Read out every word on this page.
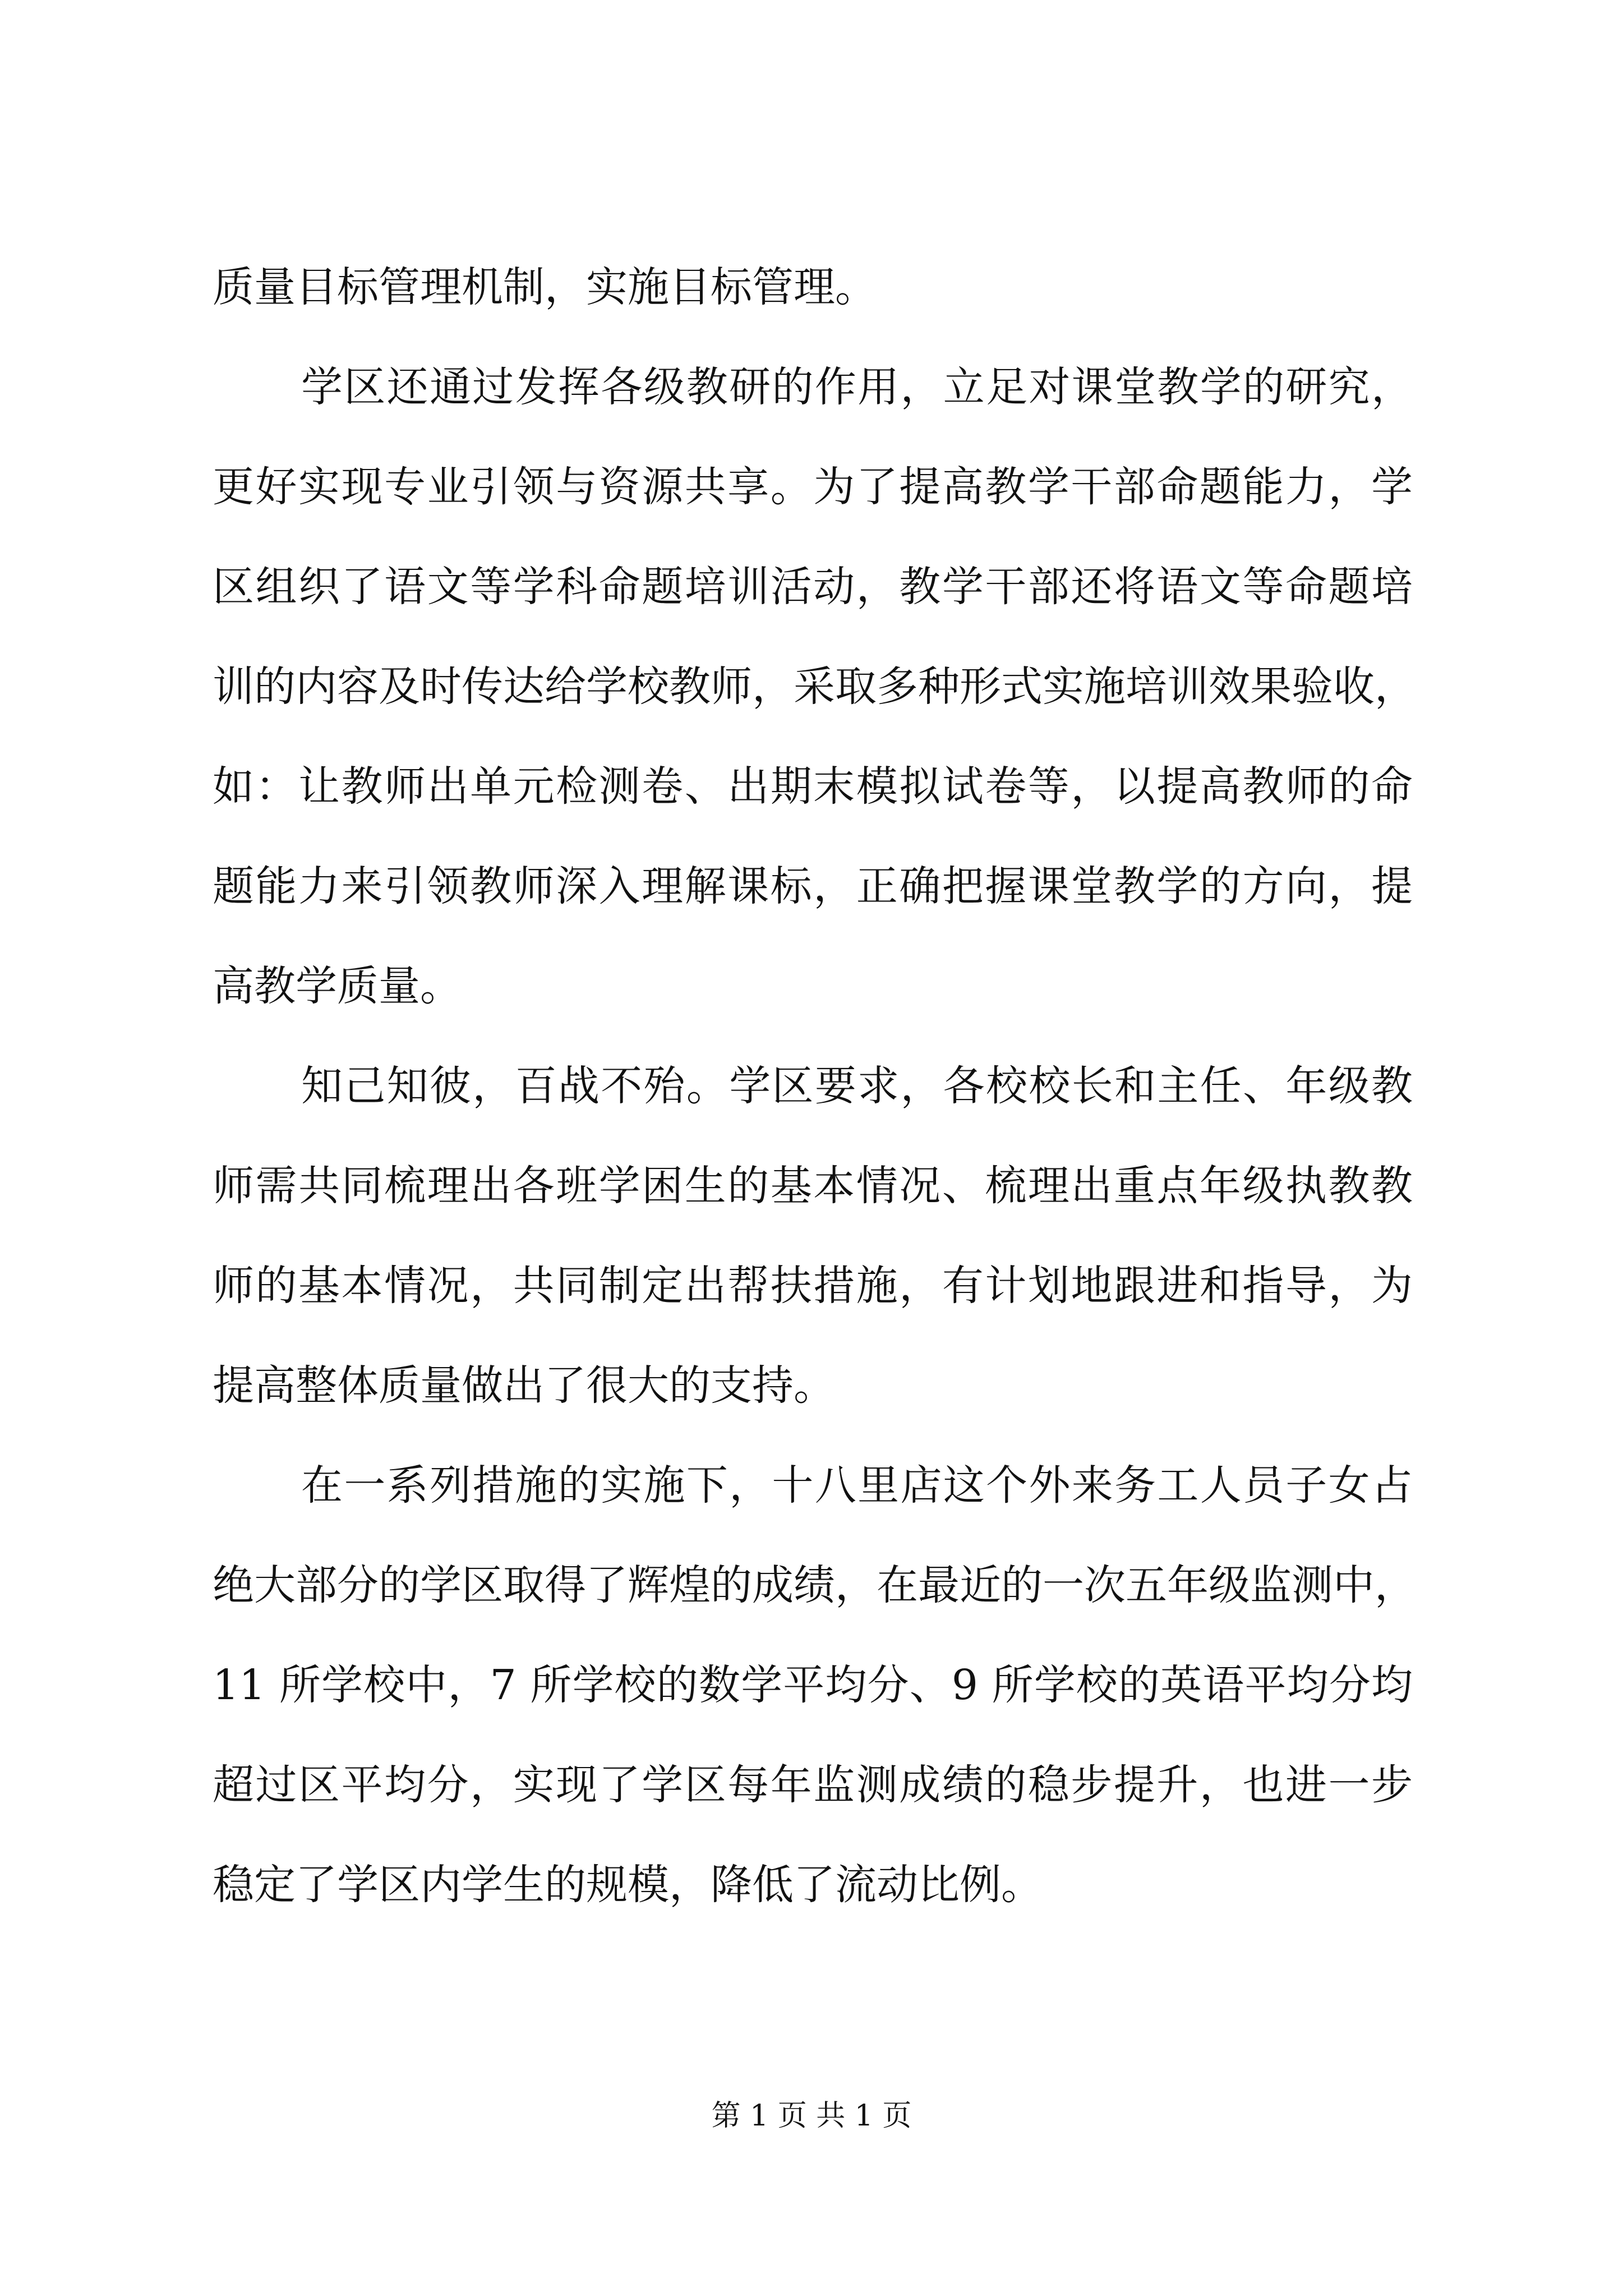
质量目标管理机制，实施目标管理。
学区还通过发挥各级教研的作用，立足对课堂教学的研究，
更好实现专业引领与资源共享。为了提高教学干部命题能力，学
区组织了语文等学科命题培训活动，教学干部还将语文等命题培
训的内容及时传达给学校教师，采取多种形式实施培训效果验收，
如：让教师出单元检测卷、出期末模拟试卷等，以提高教师的命
题能力来引领教师深入理解课标，正确把握课堂教学的方向，提
高教学质量。
知己知彼，百战不殆。学区要求，各校校长和主任、年级教
师需共同梳理出各班学困生的基本情况、梳理出重点年级执教教
师的基本情况，共同制定出帮扶措施，有计划地跟进和指导，为
提高整体质量做出了很大的支持。
在一系列措施的实施下，十八里店这个外来务工人员子女占
绝大部分的学区取得了辉煌的成绩，在最近的一次五年级监测中，
11 所学校中，7 所学校的数学平均分、9 所学校的英语平均分均
超过区平均分，实现了学区每年监测成绩的稳步提升，也进一步
稳定了学区内学生的规模，降低了流动比例。
第 1 页 共 1 页
